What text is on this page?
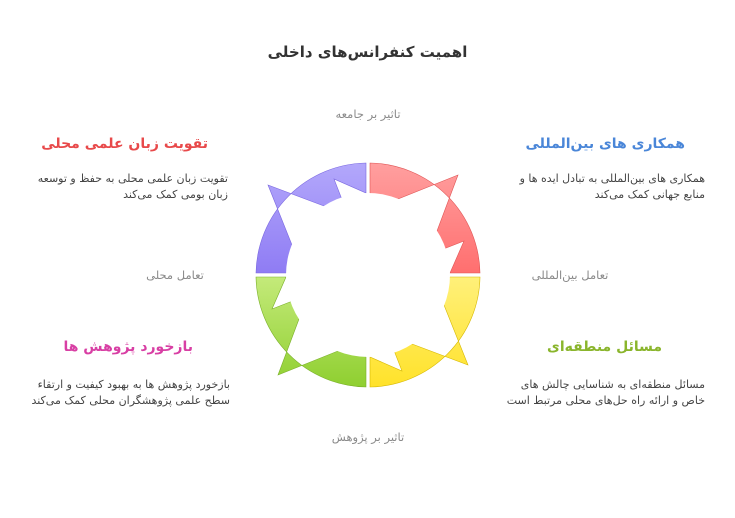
اهمیت کنفرانس‌های داخلی
تاثیر بر جامعه
تاثیر بر پژوهش
تعامل محلی	تعامل بین‌المللی
تقویت زبان علمی محلی
تقویت زبان علمی محلی به حفظ و توسعه زبان بومی کمک می‌کند
همکاری های بین‌المللی
همکاری های بین‌المللی به تبادل ایده ها و منابع جهانی کمک می‌کند
بازخورد پژوهش ها
بازخورد پژوهش ها به بهبود کیفیت و ارتقاء سطح علمی پژوهشگران محلی کمک می‌کند
مسائل منطقه‌ای
مسائل منطقه‌ای به شناسایی چالش های خاص و ارائه راه حل‌های محلی مرتبط است
